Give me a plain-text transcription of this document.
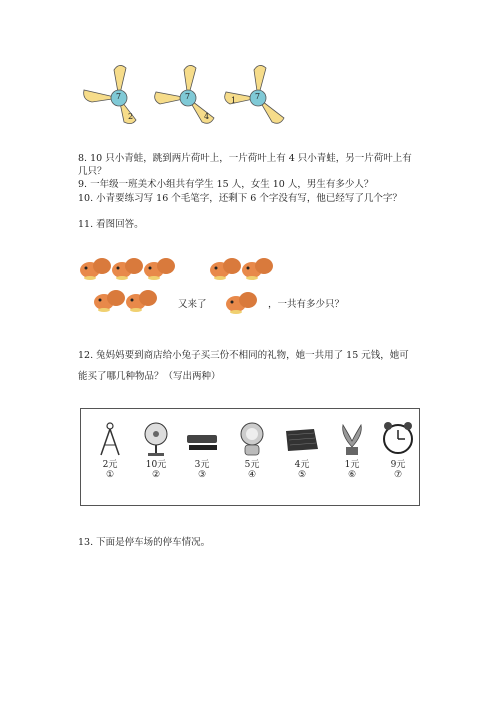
7
2
7
4
7
1
8. 10 只小青蛙，跳到两片荷叶上，一片荷叶上有 4 只小青蛙，另一片荷叶上有
几只？
9. 一年级一班美术小组共有学生 15 人，女生 10 人，男生有多少人？
10. 小青要练习写 16 个毛笔字，还剩下 6 个字没有写，他已经写了几个字？
11. 看图回答。
又来了	，一共有多少只？
12. 兔妈妈要到商店给小兔子买三份不相同的礼物，她一共用了 15 元钱，她可
能买了哪几种物品？（写出两种）
2元
①
10元
②
3元
③
5元
④
4元
⑤
1元
⑥
9元
⑦
13. 下面是停车场的停车情况。
